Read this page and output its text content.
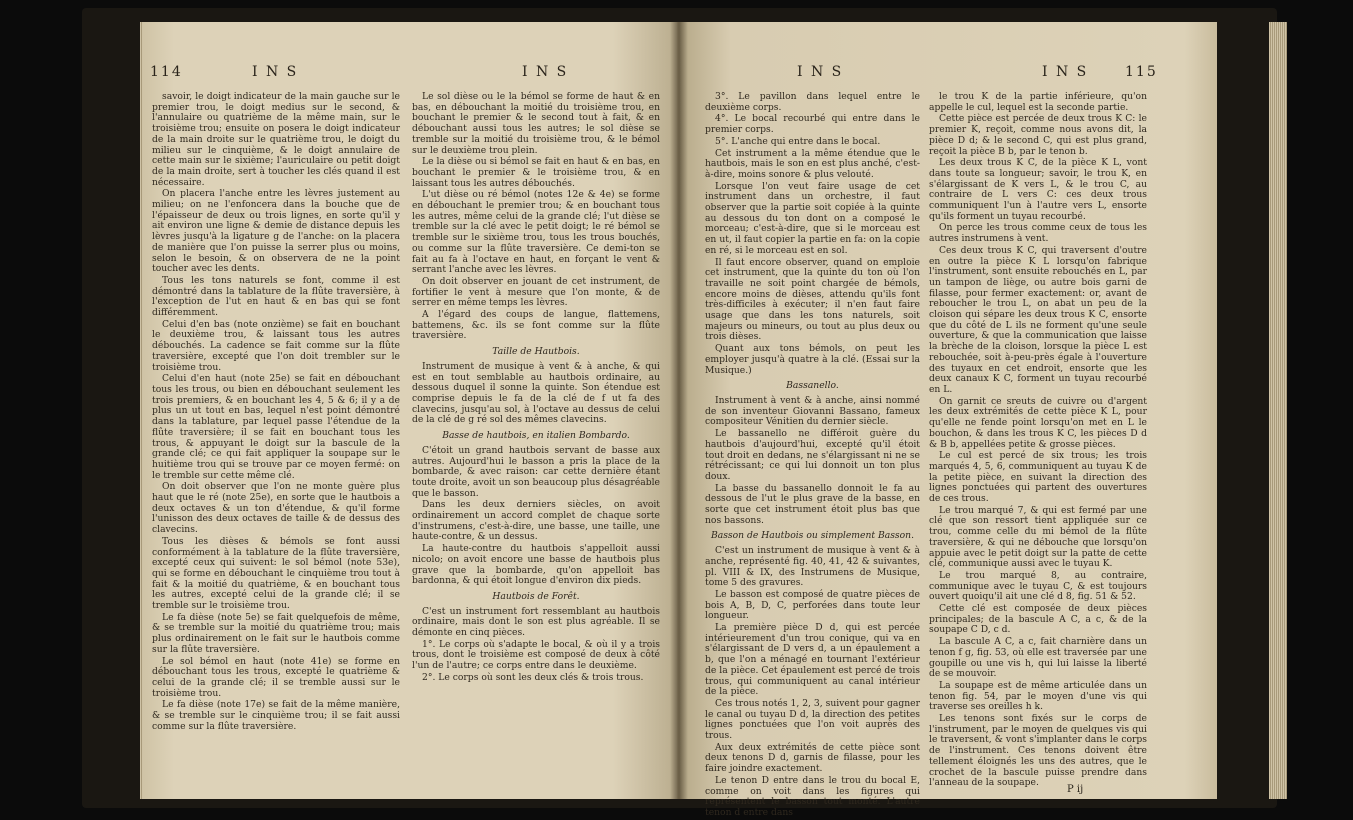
114	I N S	I N S

savoir, le doigt indicateur de la main gauche sur le premier trou, le doigt medius sur le second, & l'annulaire ou quatrième de la même main, sur le troisième trou; ensuite on posera le doigt indicateur de la main droite sur le quatrième trou, le doigt du milieu sur le cinquième, & le doigt annulaire de cette main sur le sixième; l'auriculaire ou petit doigt de la main droite, sert à toucher les clés quand il est nécessaire.

On placera l'anche entre les lèvres justement au milieu; on ne l'enfoncera dans la bouche que de l'épaisseur de deux ou trois lignes, en sorte qu'il y ait environ une ligne & demie de distance depuis les lèvres jusqu'à la ligature g de l'anche: on la placera de manière que l'on puisse la serrer plus ou moins, selon le besoin, & on observera de ne la point toucher avec les dents.

Tous les tons naturels se font, comme il est démontré dans la tablature de la flûte traversière, à l'exception de l'ut en haut & en bas qui se font différemment.

Celui d'en bas (note onzième) se fait en bouchant le deuxième trou, & laissant tous les autres débouchés. La cadence se fait comme sur la flûte traversière, excepté que l'on doit trembler sur le troisième trou.

Celui d'en haut (note 25e) se fait en débouchant tous les trous, ou bien en débouchant seulement les trois premiers, & en bouchant les 4, 5 & 6; il y a de plus un ut tout en bas, lequel n'est point démontré dans la tablature, par lequel passe l'étendue de la flûte traversière; il se fait en bouchant tous les trous, & appuyant le doigt sur la bascule de la grande clé; ce qui fait appliquer la soupape sur le huitième trou qui se trouve par ce moyen fermé: on le tremble sur cette même clé.

On doit observer que l'on ne monte guère plus haut que le ré (note 25e), en sorte que le hautbois a deux octaves & un ton d'étendue, & qu'il forme l'unisson des deux octaves de taille & de dessus des clavecins.

Tous les dièses & bémols se font aussi conformément à la tablature de la flûte traversière, excepté ceux qui suivent: le sol bémol (note 53e), qui se forme en débouchant le cinquième trou tout à fait & la moitié du quatrième, & en bouchant tous les autres, excepté celui de la grande clé; il se tremble sur le troisième trou.

Le fa dièse (note 5e) se fait quelquefois de même, & se tremble sur la moitié du quatrième trou; mais plus ordinairement on le fait sur le hautbois comme sur la flûte traversière.

Le sol bémol en haut (note 41e) se forme en débouchant tous les trous, excepté le quatrième & celui de la grande clé; il se tremble aussi sur le troisième trou.

Le fa dièse (note 17e) se fait de la même manière, & se tremble sur le cinquième trou; il se fait aussi comme sur la flûte traversière.

Le sol dièse ou le la bémol se forme de haut & en bas, en débouchant la moitié du troisième trou, en bouchant le premier & le second tout à fait, & en débouchant aussi tous les autres; le sol dièse se tremble sur la moitié du troisième trou, & le bémol sur le deuxième trou plein.

Le la dièse ou si bémol se fait en haut & en bas, en bouchant le premier & le troisième trou, & en laissant tous les autres débouchés.

L'ut dièse ou ré bémol (notes 12e & 4e) se forme en débouchant le premier trou; & en bouchant tous les autres, même celui de la grande clé; l'ut dièse se tremble sur la clé avec le petit doigt; le ré bémol se tremble sur le sixième trou, tous les trous bouchés, ou comme sur la flûte traversière. Ce demi-ton se fait au fa à l'octave en haut, en forçant le vent & serrant l'anche avec les lèvres.

On doit observer en jouant de cet instrument, de fortifier le vent à mesure que l'on monte, & de serrer en même temps les lèvres.

A l'égard des coups de langue, flattemens, battemens, &c. ils se font comme sur la flûte traversière.

Taille de Hautbois.

Instrument de musique à vent & à anche, & qui est en tout semblable au hautbois ordinaire, au dessous duquel il sonne la quinte. Son étendue est comprise depuis le fa de la clé de f ut fa des clavecins, jusqu'au sol, à l'octave au dessus de celui de la clé de g ré sol des mêmes clavecins.

Basse de hautbois, en italien Bombardo.

C'étoit un grand hautbois servant de basse aux autres. Aujourd'hui le basson a pris la place de la bombarde, & avec raison: car cette dernière étant toute droite, avoit un son beaucoup plus désagréable que le basson.

Dans les deux derniers siècles, on avoit ordinairement un accord complet de chaque sorte d'instrumens, c'est-à-dire, une basse, une taille, une haute-contre, & un dessus.

La haute-contre du hautbois s'appelloit aussi nicolo; on avoit encore une basse de hautbois plus grave que la bombarde, qu'on appelloit bas bardonna, & qui étoit longue d'environ dix pieds.

Hautbois de Forêt.

C'est un instrument fort ressemblant au hautbois ordinaire, mais dont le son est plus agréable. Il se démonte en cinq pièces.

1°. Le corps où s'adapte le bocal, & où il y a trois trous, dont le troisième est composé de deux à côté l'un de l'autre; ce corps entre dans le deuxième.

2°. Le corps où sont les deux clés & trois trous.

I N S	I N S	115

3°. Le pavillon dans lequel entre le deuxième corps.

4°. Le bocal recourbé qui entre dans le premier corps.

5°. L'anche qui entre dans le bocal.

Cet instrument a la même étendue que le hautbois, mais le son en est plus anché, c'est-à-dire, moins sonore & plus velouté.

Lorsque l'on veut faire usage de cet instrument dans un orchestre, il faut observer que la partie soit copiée à la quinte au dessous du ton dont on a composé le morceau; c'est-à-dire, que si le morceau est en ut, il faut copier la partie en fa: on la copie en ré, si le morceau est en sol.

Il faut encore observer, quand on emploie cet instrument, que la quinte du ton où l'on travaille ne soit point chargée de bémols, encore moins de dièses, attendu qu'ils font très-difficiles à exécuter; il n'en faut faire usage que dans les tons naturels, soit majeurs ou mineurs, ou tout au plus deux ou trois dièses.

Quant aux tons bémols, on peut les employer jusqu'à quatre à la clé. (Essai sur la Musique.)

Bassanello.

Instrument à vent & à anche, ainsi nommé de son inventeur Giovanni Bassano, fameux compositeur Vénitien du dernier siècle.

Le bassanello ne différoit guère du hautbois d'aujourd'hui, excepté qu'il étoit tout droit en dedans, ne s'élargissant ni ne se rétrécissant; ce qui lui donnoit un ton plus doux.

La basse du bassanello donnoit le fa au dessous de l'ut le plus grave de la basse, en sorte que cet instrument étoit plus bas que nos bassons.

Basson de Hautbois ou simplement Basson.

C'est un instrument de musique à vent & à anche, représenté fig. 40, 41, 42 & suivantes, pl. VIII & IX, des Instrumens de Musique, tome 5 des gravures.

Le basson est composé de quatre pièces de bois A, B, D, C, perforées dans toute leur longueur.

La première pièce D d, qui est percée intérieurement d'un trou conique, qui va en s'élargissant de D vers d, a un épaulement a b, que l'on a ménagé en tournant l'extérieur de la pièce. Cet épaulement est percé de trois trous, qui communiquent au canal intérieur de la pièce.

Ces trous notés 1, 2, 3, suivent pour gagner le canal ou tuyau D d, la direction des petites lignes ponctuées que l'on voit auprès des trous.

Aux deux extrémités de cette pièce sont deux tenons D d, garnis de filasse, pour les faire joindre exactement.

Le tenon D entre dans le trou du bocal E, comme on voit dans les figures qui représentent le basson tout monté. L'autre tenon d entre dans

le trou K de la partie inférieure, qu'on appelle le cul, lequel est la seconde partie.

Cette pièce est percée de deux trous K C: le premier K, reçoit, comme nous avons dit, la pièce D d; & le second C, qui est plus grand, reçoit la pièce B b, par le tenon b.

Les deux trous K C, de la pièce K L, vont dans toute sa longueur; savoir, le trou K, en s'élargissant de K vers L, & le trou C, au contraire de L vers C: ces deux trous communiquent l'un à l'autre vers L, ensorte qu'ils forment un tuyau recourbé.

On perce les trous comme ceux de tous les autres instrumens à vent.

Ces deux trous K C, qui traversent d'outre en outre la pièce K L lorsqu'on fabrique l'instrument, sont ensuite rebouchés en L, par un tampon de liège, ou autre bois garni de filasse, pour fermer exactement: or, avant de reboucher le trou L, on abat un peu de la cloison qui sépare les deux trous K C, ensorte que du côté de L ils ne forment qu'une seule ouverture, & que la communication que laisse la brèche de la cloison, lorsque la pièce L est rebouchée, soit à-peu-près égale à l'ouverture des tuyaux en cet endroit, ensorte que les deux canaux K C, forment un tuyau recourbé en L.

On garnit ce sreuts de cuivre ou d'argent les deux extrémités de cette pièce K L, pour qu'elle ne fende point lorsqu'on met en L le bouchon, & dans les trous K C, les pièces D d & B b, appellées petite & grosse pièces.

Le cul est percé de six trous; les trois marqués 4, 5, 6, communiquent au tuyau K de la petite pièce, en suivant la direction des lignes ponctuées qui partent des ouvertures de ces trous.

Le trou marqué 7, & qui est fermé par une clé que son ressort tient appliquée sur ce trou, comme celle du mi bémol de la flûte traversière, & qui ne débouche que lorsqu'on appuie avec le petit doigt sur la patte de cette clé, communique aussi avec le tuyau K.

Le trou marqué 8, au contraire, communique avec le tuyau C, & est toujours ouvert quoiqu'il ait une clé d 8, fig. 51 & 52.

Cette clé est composée de deux pièces principales; de la bascule A C, a c, & de la soupape C D, c d.

La bascule A C, a c, fait charnière dans un tenon f g, fig. 53, où elle est traversée par une goupille ou une vis h, qui lui laisse la liberté de se mouvoir.

La soupape est de même articulée dans un tenon fig. 54, par le moyen d'une vis qui traverse ses oreilles h k.

Les tenons sont fixés sur le corps de l'instrument, par le moyen de quelques vis qui le traversent, & vont s'implanter dans le corps de l'instrument. Ces tenons doivent être tellement éloignés les uns des autres, que le crochet de la bascule puisse prendre dans l'anneau de la soupape.

P ij
